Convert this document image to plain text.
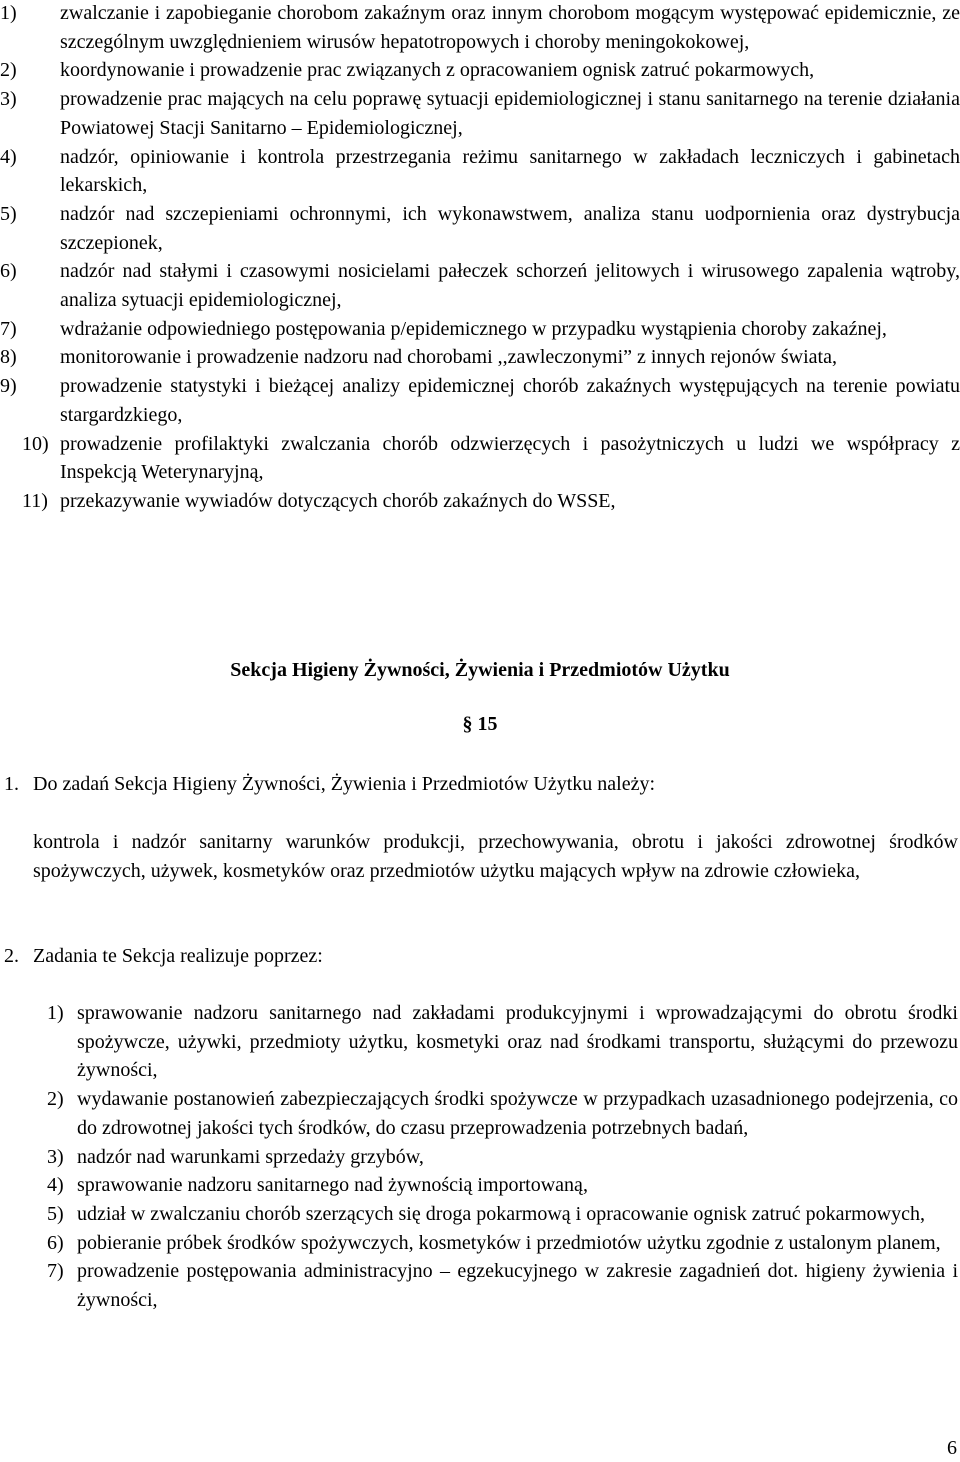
1) zwalczanie i zapobieganie chorobom zakaźnym oraz innym chorobom mogącym występować epidemicznie, ze szczególnym uwzględnieniem wirusów hepatotropowych i choroby meningokokowej,
2) koordynowanie i prowadzenie prac związanych z opracowaniem ognisk zatruć pokarmowych,
3) prowadzenie prac mających na celu poprawę sytuacji epidemiologicznej i stanu sanitarnego na terenie działania Powiatowej Stacji Sanitarno – Epidemiologicznej,
4) nadzór, opiniowanie i kontrola przestrzegania reżimu sanitarnego w zakładach leczniczych i gabinetach lekarskich,
5) nadzór nad szczepieniami ochronnymi, ich wykonawstwem, analiza stanu uodpornienia oraz dystrybucja szczepionek,
6) nadzór nad stałymi i czasowymi nosicielami pałeczek schorzeń jelitowych i wirusowego zapalenia wątroby, analiza sytuacji epidemiologicznej,
7) wdrażanie odpowiedniego postępowania p/epidemicznego w przypadku wystąpienia choroby zakaźnej,
8) monitorowanie i prowadzenie nadzoru nad chorobami ,,zawleczonymi” z innych rejonów świata,
9) prowadzenie statystyki i bieżącej analizy epidemicznej chorób zakaźnych występujących na terenie powiatu stargardzkiego,
10) prowadzenie profilaktyki zwalczania chorób odzwierzęcych i pasożytniczych u ludzi we współpracy z Inspekcją Weterynaryjną,
11) przekazywanie wywiadów dotyczących chorób zakaźnych do WSSE,
Sekcja Higieny Żywności, Żywienia i Przedmiotów Użytku
§ 15
1. Do zadań Sekcja Higieny Żywności, Żywienia i Przedmiotów Użytku należy:
kontrola i nadzór sanitarny warunków produkcji, przechowywania, obrotu i jakości zdrowotnej środków spożywczych, używek, kosmetyków oraz przedmiotów użytku mających wpływ na zdrowie człowieka,
2. Zadania te Sekcja realizuje poprzez:
1) sprawowanie nadzoru sanitarnego nad zakładami produkcyjnymi i wprowadzającymi do obrotu środki spożywcze, używki, przedmioty użytku, kosmetyki oraz nad środkami transportu, służącymi do przewozu żywności,
2) wydawanie postanowień zabezpieczających środki spożywcze w przypadkach uzasadnionego podejrzenia, co do zdrowotnej jakości tych środków, do czasu przeprowadzenia potrzebnych badań,
3) nadzór nad warunkami sprzedaży grzybów,
4) sprawowanie nadzoru sanitarnego nad żywnością importowaną,
5) udział w zwalczaniu chorób szerzących się droga pokarmową i opracowanie ognisk zatruć pokarmowych,
6) pobieranie próbek środków spożywczych, kosmetyków i przedmiotów użytku zgodnie z ustalonym planem,
7) prowadzenie postępowania administracyjno – egzekucyjnego w zakresie zagadnień dot. higieny żywienia i żywności,
6
